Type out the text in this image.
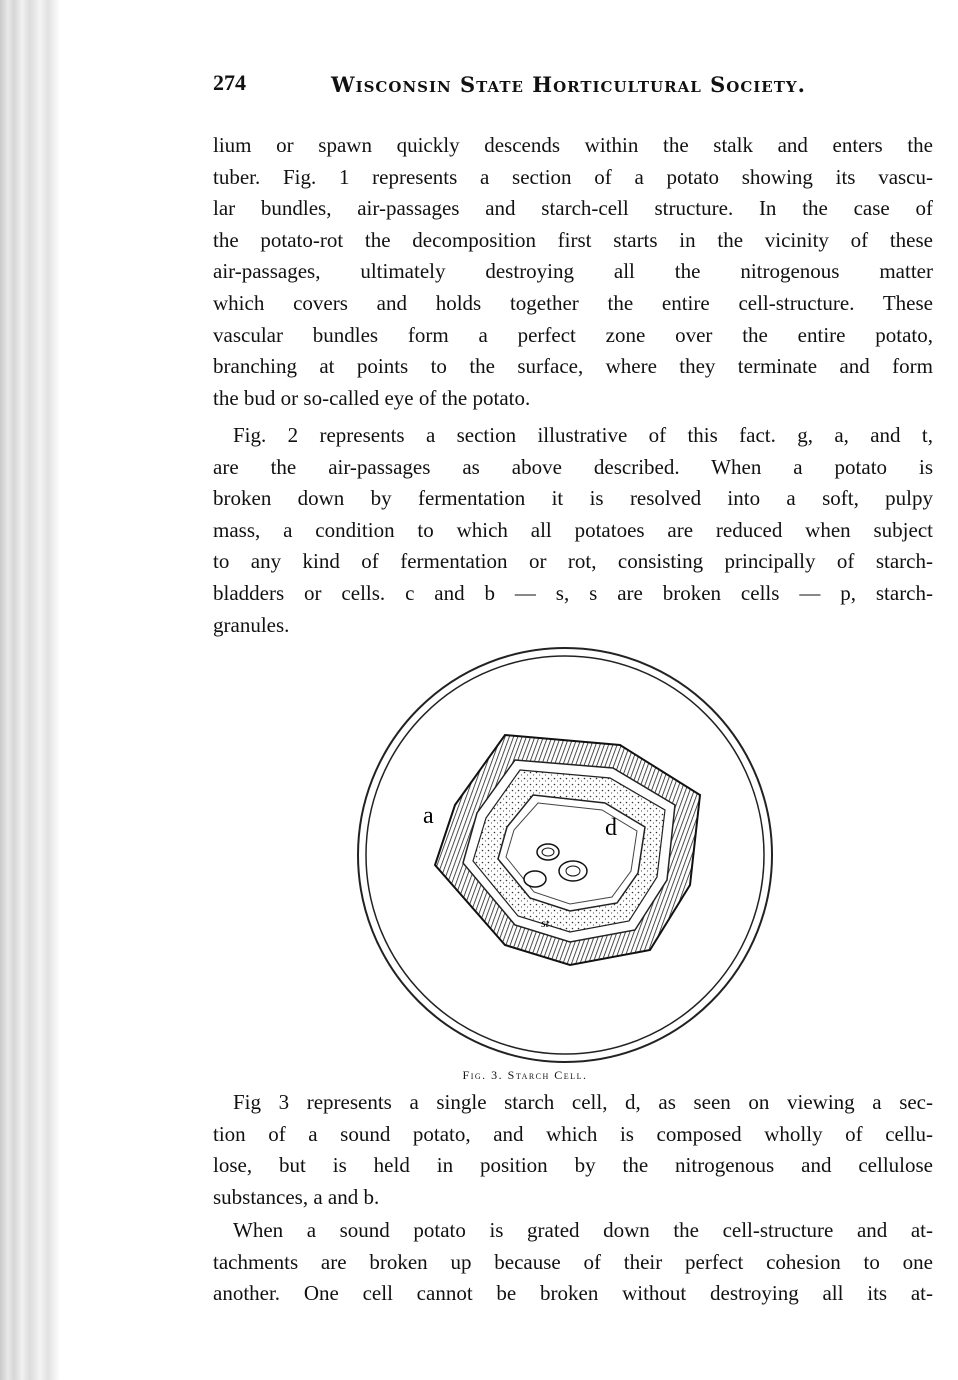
274	Wisconsin State Horticultural Society.
lium or spawn quickly descends within the stalk and enters the
tuber. Fig. 1 represents a section of a potato showing its vascu-
lar bundles, air-passages and starch-cell structure. In the case of
the potato-rot the decomposition first starts in the vicinity of these
air-passages, ultimately destroying all the nitrogenous matter
which covers and holds together the entire cell-structure. These
vascular bundles form a perfect zone over the entire potato,
branching at points to the surface, where they terminate and form
the bud or so-called eye of the potato.
Fig. 2 represents a section illustrative of this fact. g, a, and t,
are the air-passages as above described. When a potato is
broken down by fermentation it is resolved into a soft, pulpy
mass, a condition to which all potatoes are reduced when subject
to any kind of fermentation or rot, consisting principally of starch-
bladders or cells. c and b — s, s are broken cells — p, starch-
granules.
a	d
st
Fig. 3. Starch Cell.
Fig 3 represents a single starch cell, d, as seen on viewing a sec-
tion of a sound potato, and which is composed wholly of cellu-
lose, but is held in position by the nitrogenous and cellulose
substances, a and b.
When a sound potato is grated down the cell-structure and at-
tachments are broken up because of their perfect cohesion to one
another. One cell cannot be broken without destroying all its at-
